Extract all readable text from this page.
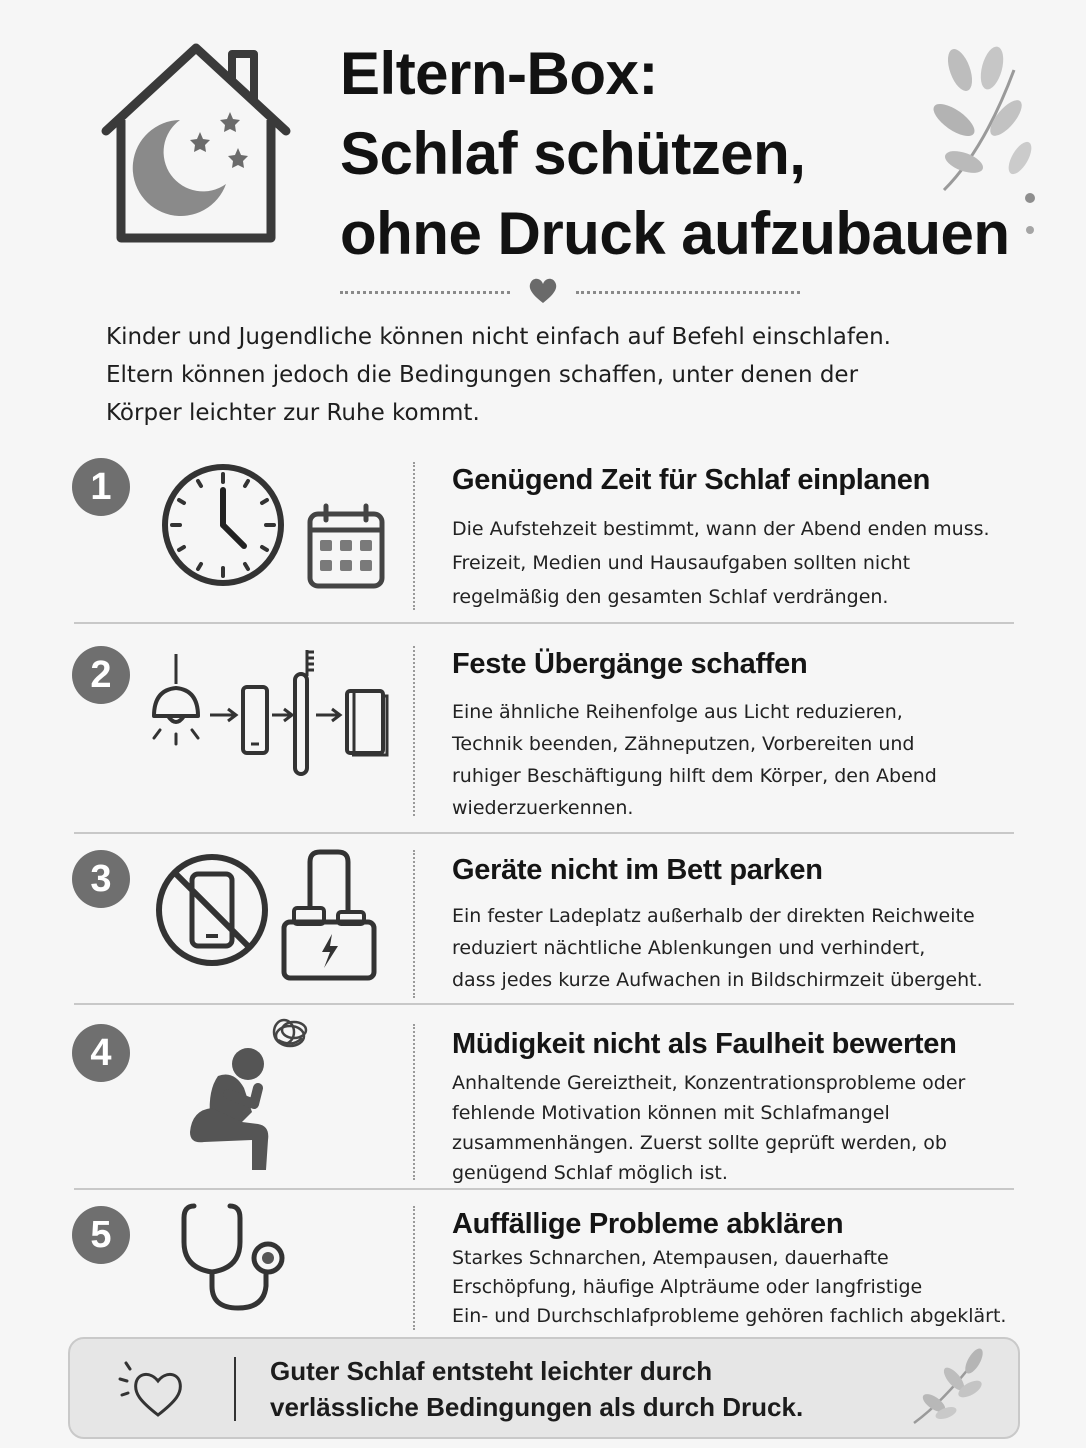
Eltern-Box:
Schlaf schützen,
ohne Druck aufzubauen
Kinder und Jugendliche können nicht einfach auf Befehl einschlafen.
Eltern können jedoch die Bedingungen schaffen, unter denen der
Körper leichter zur Ruhe kommt.
1	Genügend Zeit für Schlaf einplanen
Die Aufstehzeit bestimmt, wann der Abend enden muss.
Freizeit, Medien und Hausaufgaben sollten nicht
regelmäßig den gesamten Schlaf verdrängen.
2	Feste Übergänge schaffen
Eine ähnliche Reihenfolge aus Licht reduzieren,
Technik beenden, Zähneputzen, Vorbereiten und
ruhiger Beschäftigung hilft dem Körper, den Abend
wiederzuerkennen.
3	Geräte nicht im Bett parken
Ein fester Ladeplatz außerhalb der direkten Reichweite
reduziert nächtliche Ablenkungen und verhindert,
dass jedes kurze Aufwachen in Bildschirmzeit übergeht.
4	Müdigkeit nicht als Faulheit bewerten
Anhaltende Gereiztheit, Konzentrationsprobleme oder
fehlende Motivation können mit Schlafmangel
zusammenhängen. Zuerst sollte geprüft werden, ob
genügend Schlaf möglich ist.
5	Auffällige Probleme abklären
Starkes Schnarchen, Atempausen, dauerhafte
Erschöpfung, häufige Alpträume oder langfristige
Ein- und Durchschlafprobleme gehören fachlich abgeklärt.
Guter Schlaf entsteht leichter durch
verlässliche Bedingungen als durch Druck.
